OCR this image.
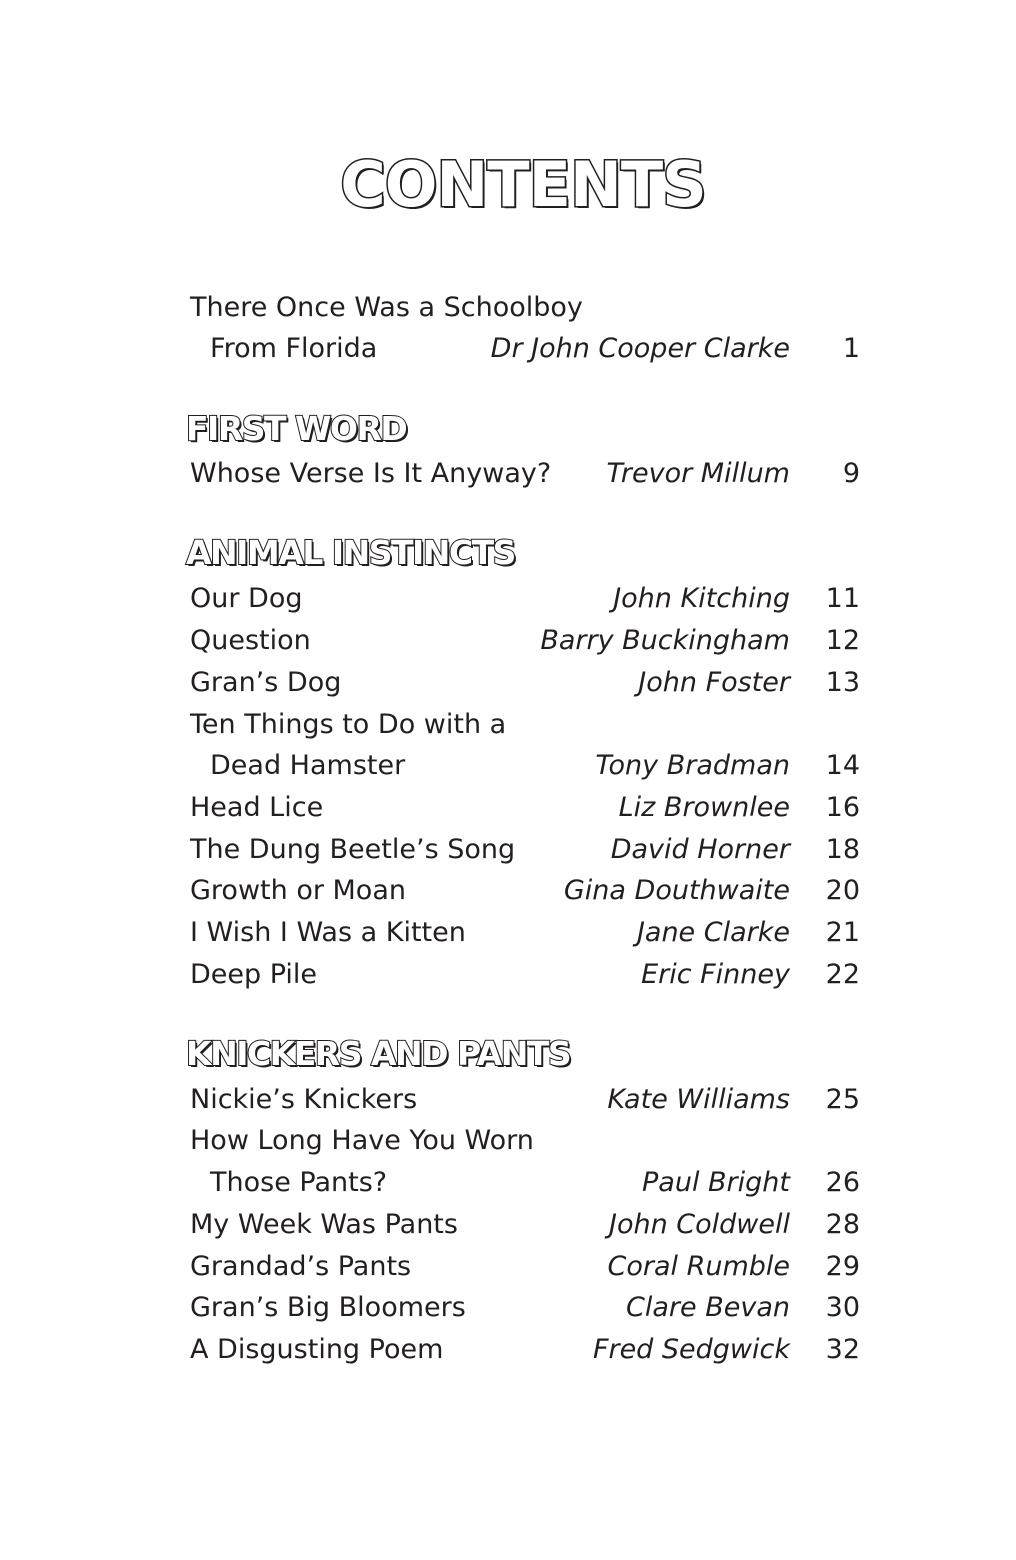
CONTENTS
There Once Was a Schoolboy
From Florida	Dr John Cooper Clarke 1
FIRST WORD
Whose Verse Is It Anyway? Trevor Millum 9
ANIMAL INSTINCTS
Our Dog	John Kitching 11
Question	Barry Buckingham 12
Gran’s Dog	John Foster 13
Ten Things to Do with a
Dead Hamster	Tony Bradman 14
Head Lice	Liz Brownlee 16
The Dung Beetle’s Song	David Horner 18
Growth or Moan	Gina Douthwaite 20
I Wish I Was a Kitten	Jane Clarke 21
Deep Pile	Eric Finney 22
KNICKERS AND PANTS
Nickie’s Knickers	Kate Williams 25
How Long Have You Worn
Those Pants?	Paul Bright 26
My Week Was Pants	John Coldwell 28
Grandad’s Pants	Coral Rumble 29
Gran’s Big Bloomers	Clare Bevan 30
A Disgusting Poem	Fred Sedgwick 32
